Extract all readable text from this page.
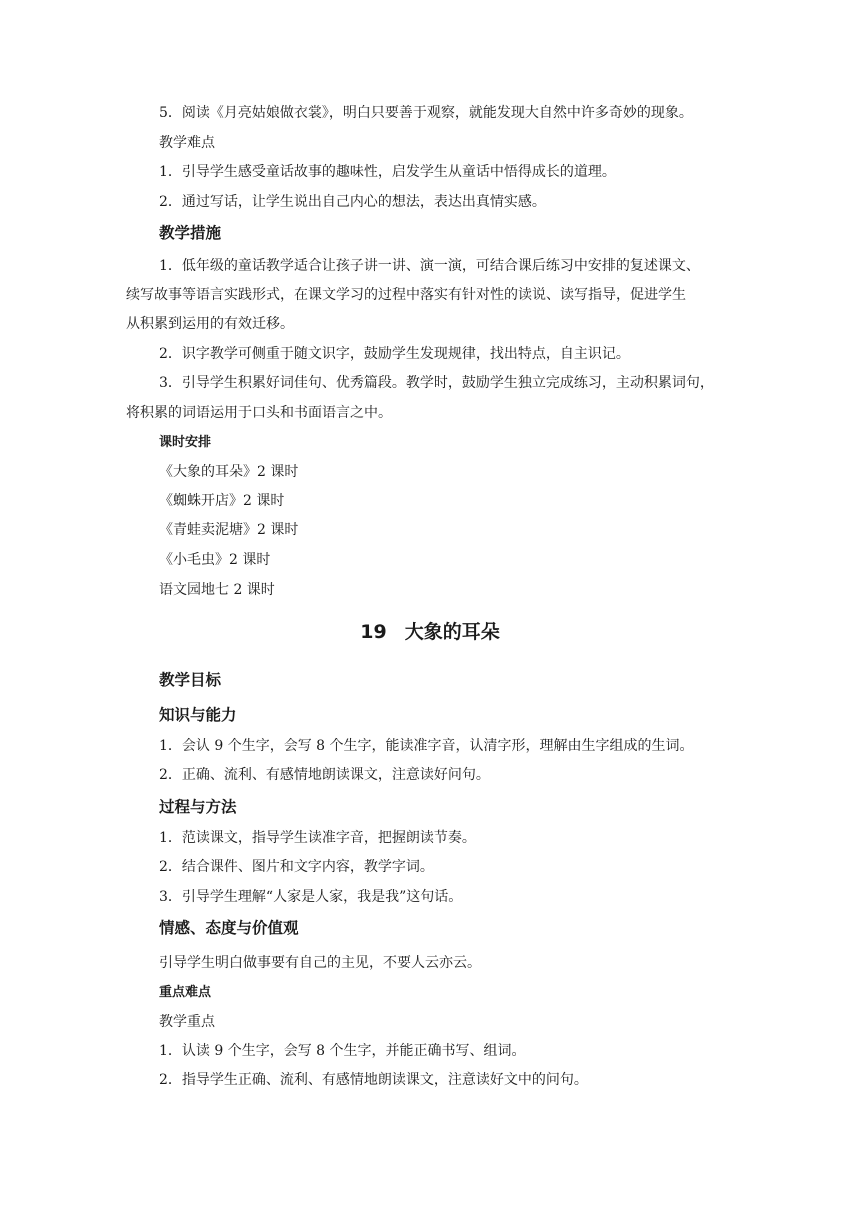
5．阅读《月亮姑娘做衣裳》，明白只要善于观察，就能发现大自然中许多奇妙的现象。
教学难点
1．引导学生感受童话故事的趣味性，启发学生从童话中悟得成长的道理。
2．通过写话，让学生说出自己内心的想法，表达出真情实感。
教学措施
1．低年级的童话教学适合让孩子讲一讲、演一演，可结合课后练习中安排的复述课文、
续写故事等语言实践形式，在课文学习的过程中落实有针对性的读说、读写指导，促进学生
从积累到运用的有效迁移。
2．识字教学可侧重于随文识字，鼓励学生发现规律，找出特点，自主识记。
3．引导学生积累好词佳句、优秀篇段。教学时，鼓励学生独立完成练习，主动积累词句，
将积累的词语运用于口头和书面语言之中。
课时安排
《大象的耳朵》2 课时
《蜘蛛开店》2 课时
《青蛙卖泥塘》2 课时
《小毛虫》2 课时
语文园地七 2 课时
19 大象的耳朵
教学目标
知识与能力
1．会认 9 个生字，会写 8 个生字，能读准字音，认清字形，理解由生字组成的生词。
2．正确、流利、有感情地朗读课文，注意读好问句。
过程与方法
1．范读课文，指导学生读准字音，把握朗读节奏。
2．结合课件、图片和文字内容，教学字词。
3．引导学生理解“人家是人家，我是我”这句话。
情感、态度与价值观
引导学生明白做事要有自己的主见，不要人云亦云。
重点难点
教学重点
1．认读 9 个生字，会写 8 个生字，并能正确书写、组词。
2．指导学生正确、流利、有感情地朗读课文，注意读好文中的问句。
